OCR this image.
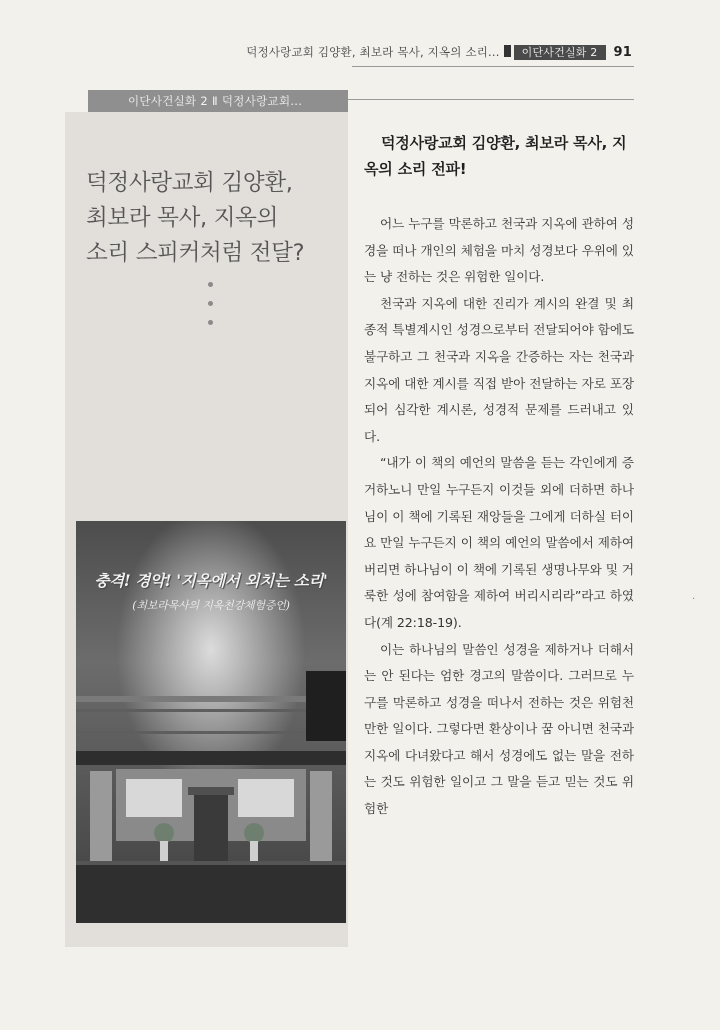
덕정사랑교회 김양환, 최보라 목사, 지옥의 소리... 이단사건실화 2 91
이단사건실화 2 Ⅱ 덕정사랑교회...
덕정사랑교회 김양환,
최보라 목사, 지옥의
소리 스피커처럼 전달?
충격! 경악! '지옥에서 외치는 소리'
(최보라목사의 지옥천강체험증언)
덕정사랑교회 김양환, 최보라 목사, 지옥의 소리 전파!

어느 누구를 막론하고 천국과 지옥에 관하여 성경을 떠나 개인의 체험을 마치 성경보다 우위에 있는 냥 전하는 것은 위험한 일이다.

천국과 지옥에 대한 진리가 계시의 완결 및 최종적 특별계시인 성경으로부터 전달되어야 함에도 불구하고 그 천국과 지옥을 간증하는 자는 천국과 지옥에 대한 계시를 직접 받아 전달하는 자로 포장되어 심각한 계시론, 성경적 문제를 드러내고 있다.

“내가 이 책의 예언의 말씀을 듣는 각인에게 증거하노니 만일 누구든지 이것들 외에 더하면 하나님이 이 책에 기록된 재앙들을 그에게 더하실 터이요 만일 누구든지 이 책의 예언의 말씀에서 제하여 버리면 하나님이 이 책에 기록된 생명나무와 및 거룩한 성에 참여함을 제하여 버리시리라”라고 하였다(계 22:18-19).

이는 하나님의 말씀인 성경을 제하거나 더해서는 안 된다는 엄한 경고의 말씀이다. 그러므로 누구를 막론하고 성경을 떠나서 전하는 것은 위험천만한 일이다. 그렇다면 환상이나 꿈 아니면 천국과 지옥에 다녀왔다고 해서 성경에도 없는 말을 전하는 것도 위험한 일이고 그 말을 듣고 믿는 것도 위험한

·
